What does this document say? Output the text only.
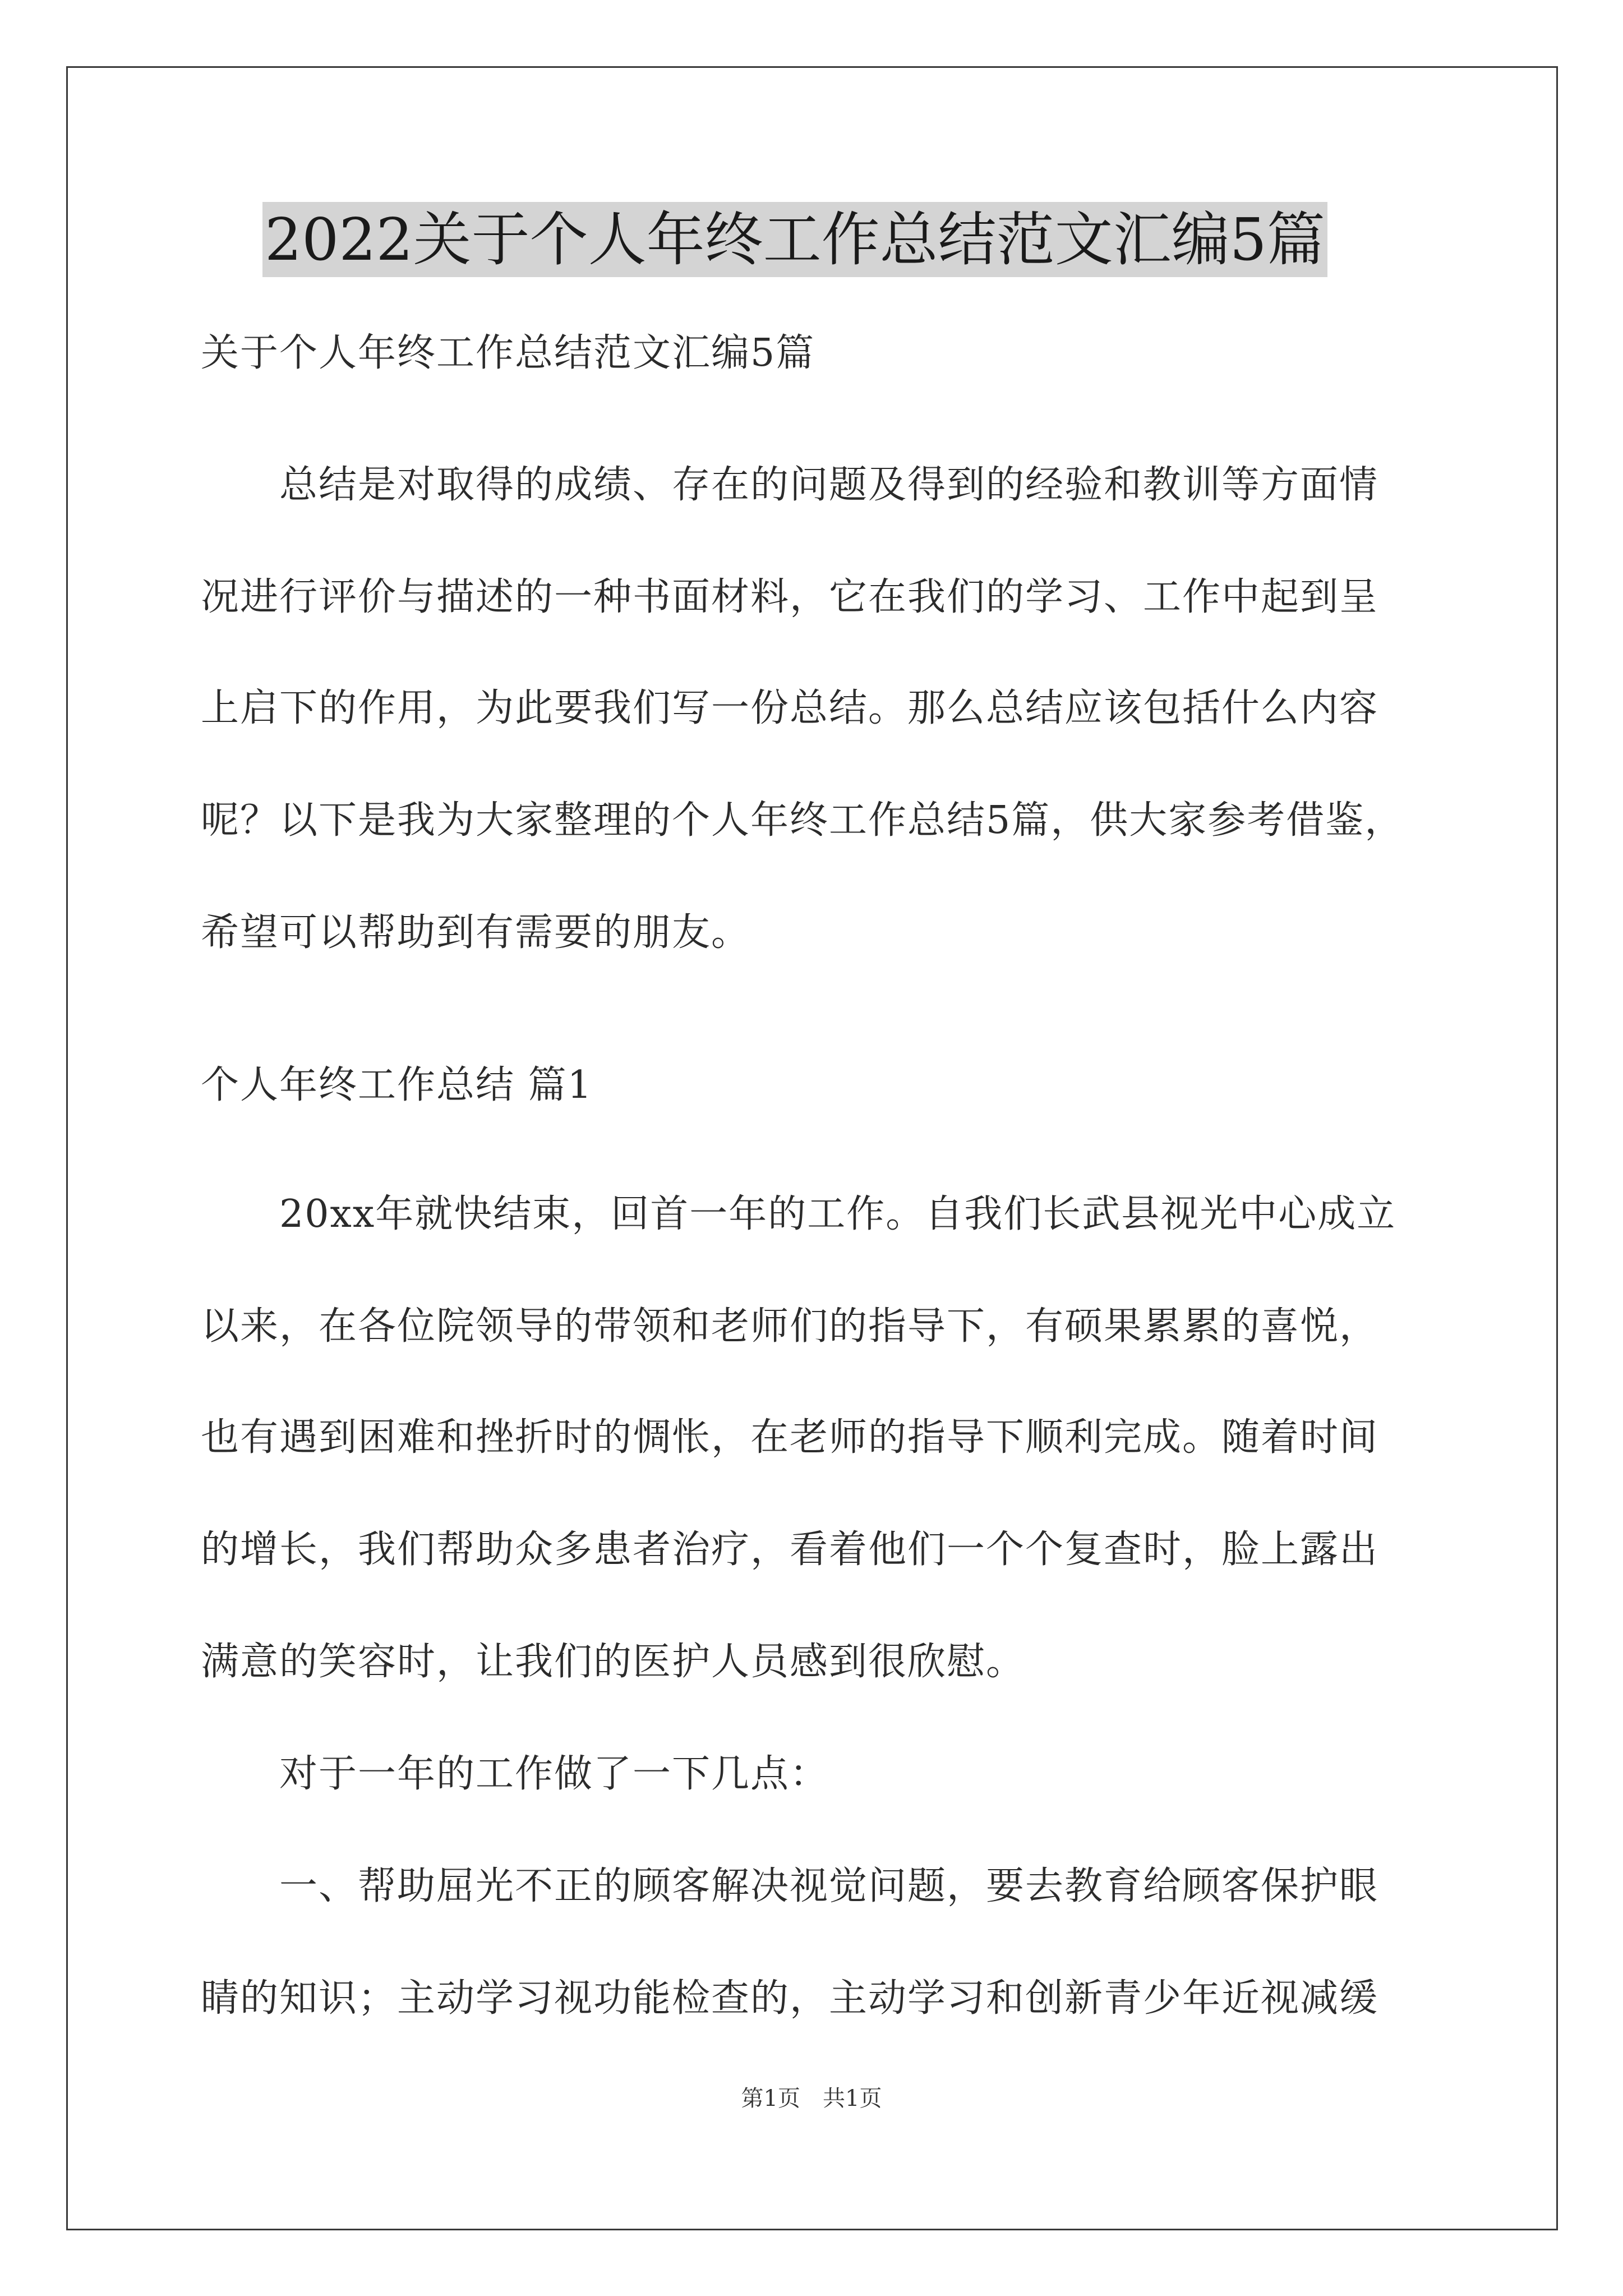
2022关于个人年终工作总结范文汇编5篇
关于个人年终工作总结范文汇编5篇
　　总结是对取得的成绩、存在的问题及得到的经验和教训等方面情
况进行评价与描述的一种书面材料，它在我们的学习、工作中起到呈
上启下的作用，为此要我们写一份总结。那么总结应该包括什么内容
呢？以下是我为大家整理的个人年终工作总结5篇，供大家参考借鉴，
希望可以帮助到有需要的朋友。
个人年终工作总结 篇1
　　20xx年就快结束，回首一年的工作。自我们长武县视光中心成立
以来，在各位院领导的带领和老师们的指导下，有硕果累累的喜悦，
也有遇到困难和挫折时的惆怅，在老师的指导下顺利完成。随着时间
的增长，我们帮助众多患者治疗，看着他们一个个复查时，脸上露出
满意的笑容时，让我们的医护人员感到很欣慰。
　　对于一年的工作做了一下几点：
　　一、帮助屈光不正的顾客解决视觉问题，要去教育给顾客保护眼
睛的知识；主动学习视功能检查的，主动学习和创新青少年近视减缓
第1页　共1页
